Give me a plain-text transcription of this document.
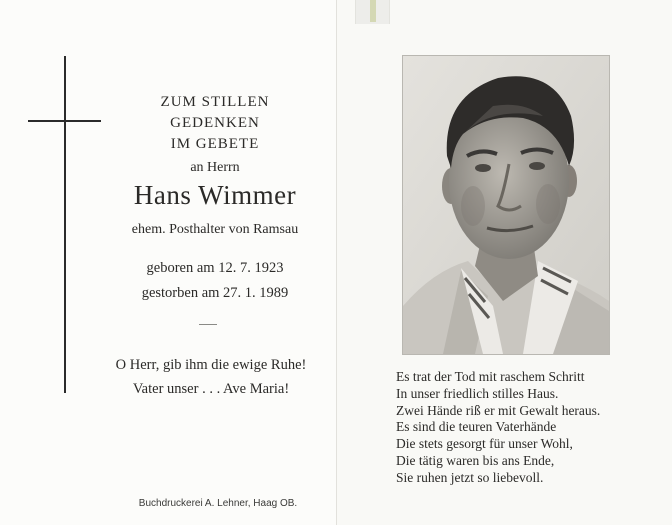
ZUM STILLEN
GEDENKEN
IM GEBETE
an Herrn
Hans Wimmer
ehem. Posthalter von Ramsau
geboren am 12. 7. 1923
gestorben am 27. 1. 1989
O Herr, gib ihm die ewige Ruhe!
Vater unser . . . Ave Maria!
Buchdruckerei A. Lehner, Haag OB.
Es trat der Tod mit raschem Schritt
In unser friedlich stilles Haus.
Zwei Hände riß er mit Gewalt heraus.
Es sind die teuren Vaterhände
Die stets gesorgt für unser Wohl,
Die tätig waren bis ans Ende,
Sie ruhen jetzt so liebevoll.
